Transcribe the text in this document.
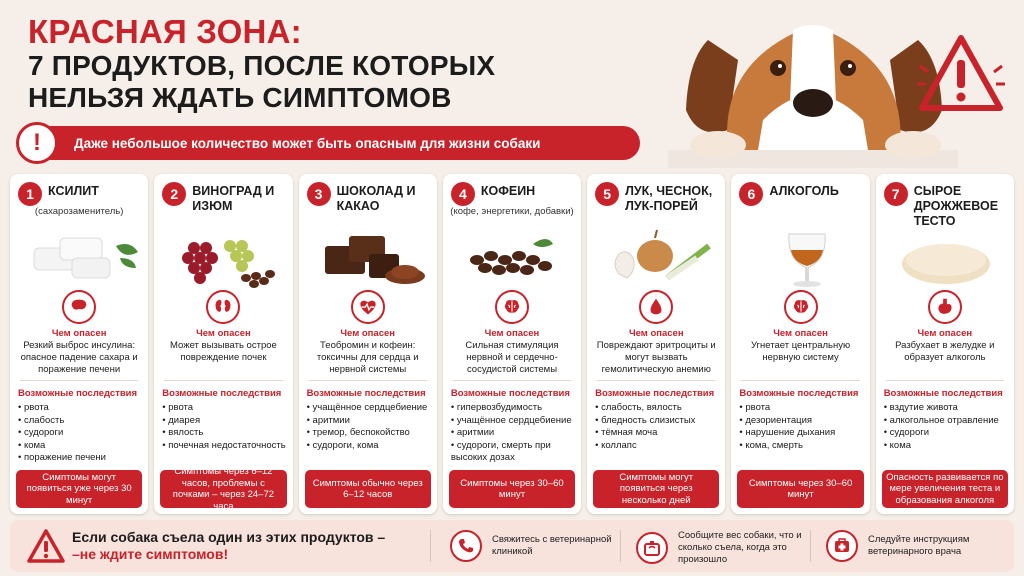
КРАСНАЯ ЗОНА:
7 ПРОДУКТОВ, ПОСЛЕ КОТОРЫХ
НЕЛЬЗЯ ЖДАТЬ СИМПТОМОВ
Даже небольшое количество может быть опасным для жизни собаки
!
1	КСИЛИТ
(сахарозаменитель)
Чем опасен
Резкий выброс инсулина: опасное падение сахара и поражение печени
Возможные последствия
• рвота
• слабость
• судороги
• кома
• поражение печени
Симптомы могут появиться уже через 30 минут
2	ВИНОГРАД И ИЗЮМ
Чем опасен
Может вызывать острое повреждение почек
Возможные последствия
• рвота
• диарея
• вялость
• почечная недостаточность
Симптомы через 6–12 часов, проблемы с почками – через 24–72 часа
3	ШОКОЛАД И КАКАО
Чем опасен
Теобромин и кофеин: токсичны для сердца и нервной системы
Возможные последствия
• учащённое сердцебиение
• аритмии
• тремор, беспокойство
• судороги, кома
Симптомы обычно через 6–12 часов
4	КОФЕИН
(кофе, энергетики, добавки)
Чем опасен
Сильная стимуляция нервной и сердечно-сосудистой системы
Возможные последствия
• гипервозбудимость
• учащённое сердцебиение
• аритмии
• судороги, смерть при высоких дозах
Симптомы через 30–60 минут
5	ЛУК, ЧЕСНОК, ЛУК-ПОРЕЙ
Чем опасен
Повреждают эритроциты и могут вызвать гемолитическую анемию
Возможные последствия
• слабость, вялость
• бледность слизистых
• тёмная моча
• коллапс
Симптомы могут появиться через несколько дней
6	АЛКОГОЛЬ
Чем опасен
Угнетает центральную нервную систему
Возможные последствия
• рвота
• дезориентация
• нарушение дыхания
• кома, смерть
Симптомы через 30–60 минут
7	СЫРОЕ ДРОЖЖЕВОЕ ТЕСТО
Чем опасен
Разбухает в желудке и образует алкоголь
Возможные последствия
• вздутие живота
• алкогольное отравление
• судороги
• кома
Опасность развивается по мере увеличения теста и образования алкоголя
Если собака съела один из этих продуктов –
–не ждите симптомов!
Свяжитесь с ветеринарной клиникой
Сообщите вес собаки, что и сколько съела, когда это произошло
Следуйте инструкциям ветеринарного врача
